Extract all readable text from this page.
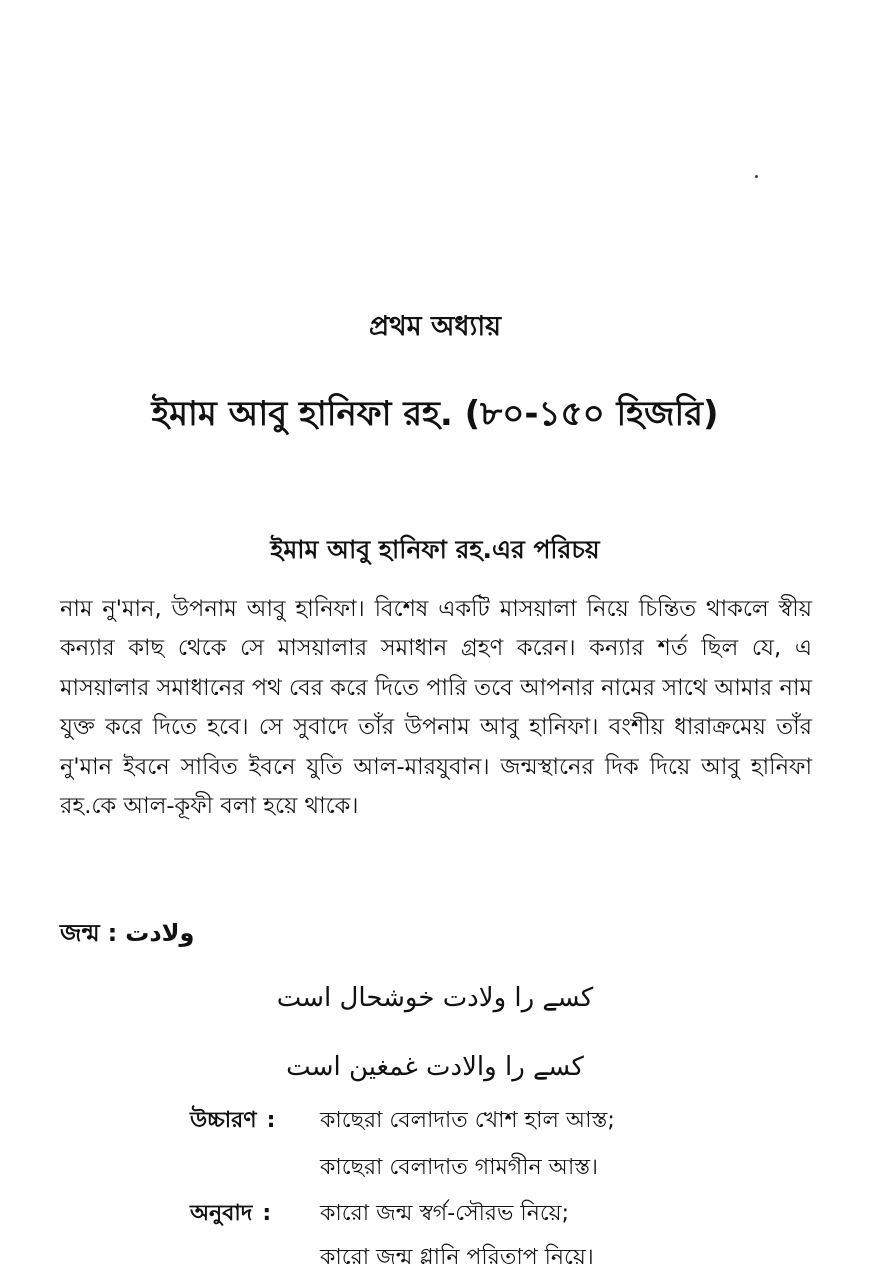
প্রথম অধ্যায়
ইমাম আবু হানিফা রহ. (৮০-১৫০ হিজরি)
ইমাম আবু হানিফা রহ.এর পরিচয়

নাম নু'মান, উপনাম আবু হানিফা। বিশেষ একটি মাসয়ালা নিয়ে চিন্তিত থাকলে স্বীয় কন্যার কাছ থেকে সে মাসয়ালার সমাধান গ্রহণ করেন। কন্যার শর্ত ছিল যে, এ মাসয়ালার সমাধানের পথ বের করে দিতে পারি তবে আপনার নামের সাথে আমার নাম যুক্ত করে দিতে হবে। সে সুবাদে তাঁর উপনাম আবু হানিফা। বংশীয় ধারাক্রমেয় তাঁর নু'মান ইবনে সাবিত ইবনে যুতি আল-মারযুবান। জন্মস্থানের দিক দিয়ে আবু হানিফা রহ.কে আল-কূফী বলা হয়ে থাকে।

জন্ম : ولادت
کسے را ولادت خوشحال است
کسے را والادت غمغین است
উচ্চারণ : কাছেরা বেলাদাত খোশ হাল আস্ত;
কাছেরা বেলাদাত গামগীন আস্ত।
অনুবাদ : কারো জন্ম স্বর্গ-সৌরভ নিয়ে;
কারো জন্ম গ্লানি পরিতাপ নিয়ে।
